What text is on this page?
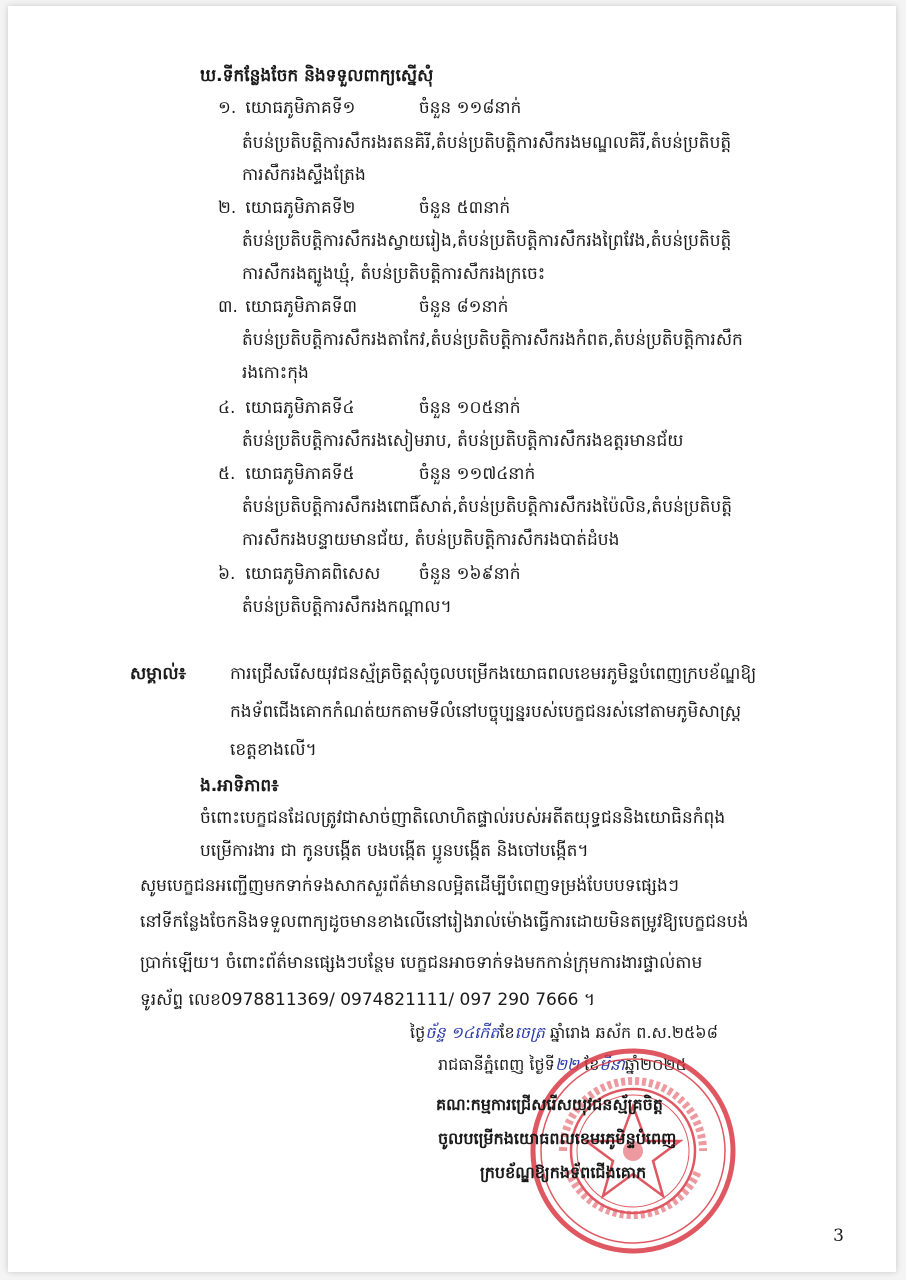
ឃ.ទីកន្លែងចែក និងទទួលពាក្យស្នើសុំ
១. យោធភូមិភាគទី១	ចំនួន ១១៨នាក់
តំបន់ប្រតិបត្តិការសឹករងរតនគិរី,តំបន់ប្រតិបត្តិការសឹករងមណ្ឌលគិរី,តំបន់ប្រតិបត្តិ
ការសឹករងស្ទឹងត្រែង
២. យោធភូមិភាគទី២	ចំនួន ៥៣នាក់
តំបន់ប្រតិបត្តិការសឹករងស្វាយរៀង,តំបន់ប្រតិបត្តិការសឹករងព្រៃវែង,តំបន់ប្រតិបត្តិ
ការសឹករងត្បូងឃ្មុំ, តំបន់ប្រតិបត្តិការសឹករងក្រចេះ
៣. យោធភូមិភាគទី៣	ចំនួន ៨១នាក់
តំបន់ប្រតិបត្តិការសឹករងតាកែវ,តំបន់ប្រតិបត្តិការសឹករងកំពត,តំបន់ប្រតិបត្តិការសឹក
រងកោះកុង
៤. យោធភូមិភាគទី៤	ចំនួន ១០៥នាក់
តំបន់ប្រតិបត្តិការសឹករងសៀមរាប, តំបន់ប្រតិបត្តិការសឹករងឧត្តរមានជ័យ
៥. យោធភូមិភាគទី៥	ចំនួន ១១៧៤នាក់
តំបន់ប្រតិបត្តិការសឹករងពោធិ៍សាត់,តំបន់ប្រតិបត្តិការសឹករងប៉ៃលិន,តំបន់ប្រតិបត្តិ
ការសឹករងបន្ទាយមានជ័យ, តំបន់ប្រតិបត្តិការសឹករងបាត់ដំបង
៦. យោធភូមិភាគពិសេស ចំនួន ១៦៩នាក់
តំបន់ប្រតិបត្តិការសឹករងកណ្ដាល។
សម្គាល់៖	ការជ្រើសរើសយុវជនស្ម័គ្រចិត្តសុំចូលបម្រើកងយោធពលខេមរភូមិន្ទបំពេញក្របខ័ណ្ឌឱ្យ
កងទ័ពជើងគោកកំណត់យកតាមទីលំនៅបច្ចុប្បន្នរបស់បេក្ខជនរស់នៅតាមភូមិសាស្ត្រ
ខេត្តខាងលើ។
ង.អាទិភាព៖
ចំពោះបេក្ខជនដែលត្រូវជាសាច់ញាតិលោហិតផ្ទាល់របស់អតីតយុទ្ធជននិងយោធិនកំពុង
បម្រើការងារ ជា កូនបង្កើត បងបង្កើត ប្អូនបង្កើត និងចៅបង្កើត។
សូមបេក្ខជនអញ្ជើញមកទាក់ទងសាកសួរព័ត៌មានលម្អិតដើម្បីបំពេញទម្រង់បែបបទផ្សេងៗ
នៅទីកន្លែងចែកនិងទទួលពាក្យដូចមានខាងលើនៅរៀងរាល់ម៉ោងធ្វើការដោយមិនតម្រូវឱ្យបេក្ខជនបង់
ប្រាក់ឡើយ។ ចំពោះព័ត៌មានផ្សេងៗបន្ថែម បេក្ខជនអាចទាក់ទងមកកាន់ក្រុមការងារផ្ទាល់តាម
ទូរស័ព្ទ លេខ0978811369/ 0974821111/ 097 290 7666 ។
ថ្ងៃច័ន្ទ ១៤កើតខែចេត្រ ឆ្នាំរោង ឆស័ក ព.ស.២៥៦៨
រាជធានីភ្នំពេញ ថ្ងៃទី២២ ខែមីនាឆ្នាំ២០២៥
គណៈកម្មការជ្រើសរើសយុវជនស្ម័គ្រចិត្ត
ចូលបម្រើកងយោធពលខេមរភូមិន្ទបំពេញ
ក្របខ័ណ្ឌឱ្យកងទ័ពជើងគោក
3
